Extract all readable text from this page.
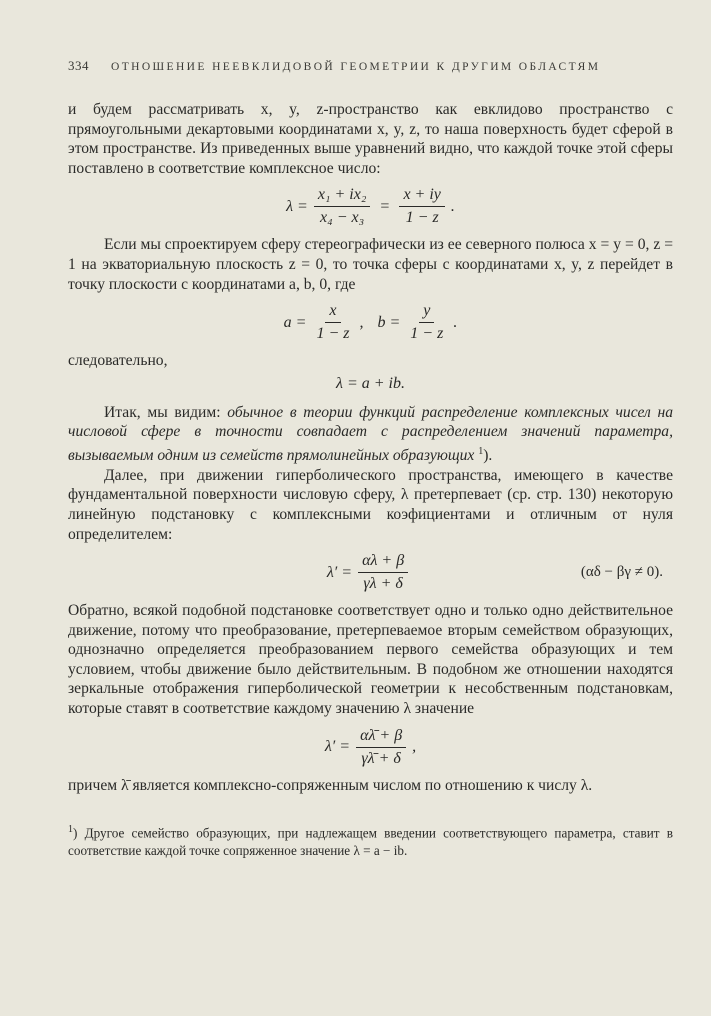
334 ОТНОШЕНИЕ НЕЕВКЛИДОВОЙ ГЕОМЕТРИИ К ДРУГИМ ОБЛАСТЯМ

и будем рассматривать x, y, z-пространство как евклидово пространство с прямоугольными декартовыми координатами x, y, z, то наша поверхность будет сферой в этом пространстве. Из приведенных выше уравнений видно, что каждой точке этой сферы поставлено в соответствие комплексное число:

$\lambda = \frac{\text{x₁ + ix₂}}{\text{x₄ − x₃}} = \frac{x + iy}{1 - z}$ .

Если мы спроектируем сферу стереографически из ее северного полюса x = y = 0, z = 1 на экваториальную плоскость z = 0, то точка сферы с координатами x, y, z перейдет в точку плоскости с координатами a, b, 0, где

$a = \frac{x}{1 - z}$ , $b = \frac{y}{1 - z}$ .

следовательно,

λ = a + ib.

Итак, мы видим: обычное в теории функций распределение комплексных чисел на числовой сфере в точности совпадает с распределением значений параметра, вызываемым одним из семейств прямолинейных образующих $^1$).

Далее, при движении гиперболического пространства, имеющего в качестве фундаментальной поверхности числовую сферу, λ претерпевает (ср. стр. 130) некоторую линейную подстановку с комплексными коэфициентами и отличным от нуля определителем:

$\lambda' = \frac{\alpha\lambda + \beta}{\gamma\lambda + \delta}$	(αδ − βγ ≠ 0).

Обратно, всякой подобной подстановке соответствует одно и только одно действительное движение, потому что преобразование, претерпеваемое вторым семейством образующих, однозначно определяется преобразованием первого семейства образующих и тем условием, чтобы движение было действительным. В подобном же отношении находятся зеркальные отображения гиперболической геометрии к несобственным подстановкам, которые ставят в соответствие каждому значению λ значение

$\lambda' = \frac{\alpha\lambdā + \beta}{\gamma\lambdā + \delta}$ ,

причем λ̄ является комплексно-сопряженным числом по отношению к числу λ.

$^1$) Другое семейство образующих, при надлежащем введении соответствующего параметра, ставит в соответствие каждой точке сопряженное значение λ = a − ib.
